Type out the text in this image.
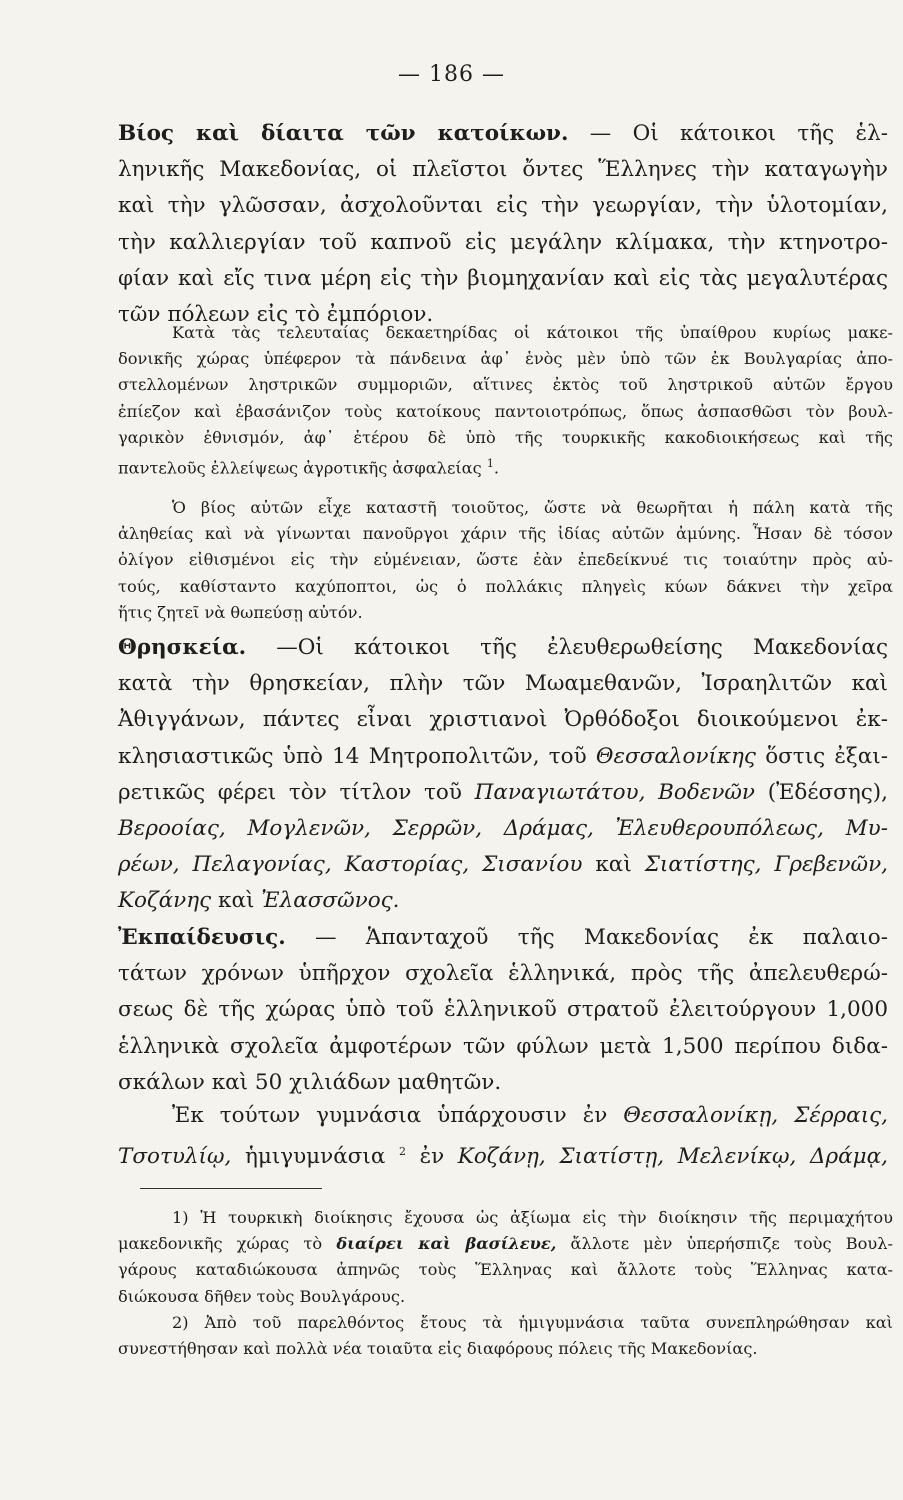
— 186 —
Βίος καὶ δίαιτα τῶν κατοίκων. — Οἱ κάτοικοι τῆς ἑλ-
ληνικῆς Μακεδονίας, οἱ πλεῖστοι ὄντες Ἕλληνες τὴν καταγωγὴν
καὶ τὴν γλῶσσαν, ἀσχολοῦνται εἰς τὴν γεωργίαν, τὴν ὑλοτομίαν,
τὴν καλλιεργίαν τοῦ καπνοῦ εἰς μεγάλην κλίμακα, τὴν κτηνοτρο-
φίαν καὶ εἴς τινα μέρη εἰς τὴν βιομηχανίαν καὶ εἰς τὰς μεγαλυτέρας
τῶν πόλεων εἰς τὸ ἐμπόριον.
Κατὰ τὰς τελευταίας δεκαετηρίδας οἱ κάτοικοι τῆς ὑπαίθρου κυρίως μακε-
δονικῆς χώρας ὑπέφερον τὰ πάνδεινα ἀφ᾽ ἑνὸς μὲν ὑπὸ τῶν ἐκ Βουλγαρίας ἀπο-
στελλομένων ληστρικῶν συμμοριῶν, αἵτινες ἐκτὸς τοῦ ληστρικοῦ αὐτῶν ἔργου
ἐπίεζον καὶ ἐβασάνιζον τοὺς κατοίκους παντοιοτρόπως, ὅπως ἀσπασθῶσι τὸν βουλ-
γαρικὸν ἐθνισμόν, ἀφ᾽ ἑτέρου δὲ ὑπὸ τῆς τουρκικῆς κακοδιοικήσεως καὶ τῆς
παντελοῦς ἐλλείψεως ἀγροτικῆς ἀσφαλείας $^1$.
Ὁ βίος αὐτῶν εἶχε καταστῆ τοιοῦτος, ὥστε νὰ θεωρῆται ἡ πάλη κατὰ τῆς
ἀληθείας καὶ νὰ γίνωνται πανοῦργοι χάριν τῆς ἰδίας αὐτῶν ἀμύνης. Ἦσαν δὲ τόσον
ὀλίγον εἰθισμένοι εἰς τὴν εὐμένειαν, ὥστε ἐὰν ἐπεδείκνυέ τις τοιαύτην πρὸς αὐ-
τούς, καθίσταντο καχύποπτοι, ὡς ὁ πολλάκις πληγεὶς κύων δάκνει τὴν χεῖρα
ἥτις ζητεῖ νὰ θωπεύσῃ αὐτόν.
Θρησκεία. —Οἱ κάτοικοι τῆς ἐλευθερωθείσης Μακεδονίας
κατὰ τὴν θρησκείαν, πλὴν τῶν Μωαμεθανῶν, Ἰσραηλιτῶν καὶ
Ἀθιγγάνων, πάντες εἶναι χριστιανοὶ Ὀρθόδοξοι διοικούμενοι ἐκ-
κλησιαστικῶς ὑπὸ 14 Μητροπολιτῶν, τοῦ Θεσσαλονίκης ὅστις ἐξαι-
ρετικῶς φέρει τὸν τίτλον τοῦ Παναγιωτάτου, Βοδενῶν (Ἐδέσσης),
Βεροοίας, Μογλενῶν, Σερρῶν, Δράμας, Ἐλευθερουπόλεως, Μυ-
ρέων, Πελαγονίας, Καστορίας, Σισανίου καὶ Σιατίστης, Γρεβενῶν,
Κοζάνης καὶ Ἐλασσῶνος.
Ἐκπαίδευσις. — Ἁπανταχοῦ τῆς Μακεδονίας ἐκ παλαιο-
τάτων χρόνων ὑπῆρχον σχολεῖα ἑλληνικά, πρὸς τῆς ἀπελευθερώ-
σεως δὲ τῆς χώρας ὑπὸ τοῦ ἑλληνικοῦ στρατοῦ ἐλειτούργουν 1,000
ἑλληνικὰ σχολεῖα ἀμφοτέρων τῶν φύλων μετὰ 1,500 περίπου διδα-
σκάλων καὶ 50 χιλιάδων μαθητῶν.
Ἐκ τούτων γυμνάσια ὑπάρχουσιν ἐν Θεσσαλονίκῃ, Σέρραις,
Τσοτυλίῳ, ἡμιγυμνάσια $^2$ ἐν Κοζάνῃ, Σιατίστῃ, Μελενίκῳ, Δράμᾳ,
1) Ἡ τουρκικὴ διοίκησις ἔχουσα ὡς ἀξίωμα εἰς τὴν διοίκησιν τῆς περιμαχήτου
μακεδονικῆς χώρας τὸ διαίρει καὶ βασίλευε, ἄλλοτε μὲν ὑπερήσπιζε τοὺς Βουλ-
γάρους καταδιώκουσα ἀπηνῶς τοὺς Ἕλληνας καὶ ἄλλοτε τοὺς Ἕλληνας κατα-
διώκουσα δῆθεν τοὺς Βουλγάρους.
2) Ἀπὸ τοῦ παρελθόντος ἔτους τὰ ἡμιγυμνάσια ταῦτα συνεπληρώθησαν καὶ
συνεστήθησαν καὶ πολλὰ νέα τοιαῦτα εἰς διαφόρους πόλεις τῆς Μακεδονίας.
